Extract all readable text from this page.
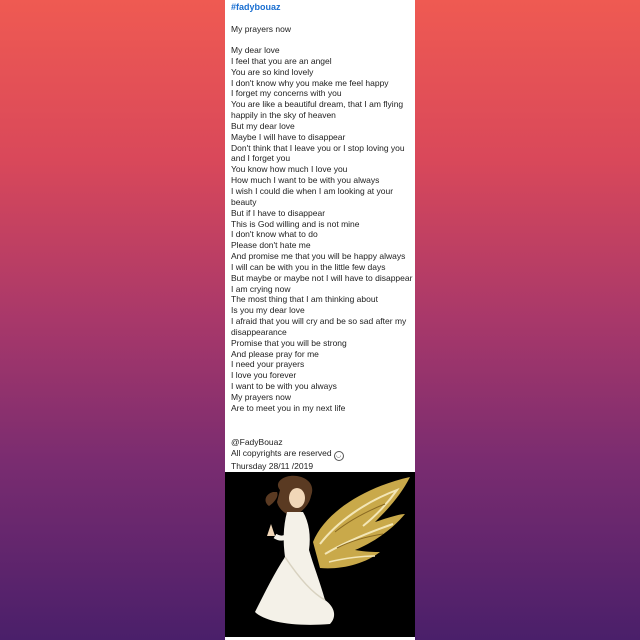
#fadybouaz
My prayers now
My dear love
I feel that you are an angel
You are so kind lovely
I don't know why you make me feel happy
I forget my concerns with you
You are like a beautiful dream, that I am flying happily in the sky of heaven
But my dear love
Maybe I will have to disappear
Don't think that I leave you or I stop loving you and I forget you
You know how much I love you
How much I want to be with you always
I wish I could die when I am looking at your beauty
But if I have to disappear
This is God willing and is not mine
I don't know what to do
Please don't hate me
And promise me that you will be happy always
I will can be with you in the little few days
But maybe or maybe not I will have to disappear
I am crying now
The most thing that I am thinking about
Is you my dear love
I afraid that you will cry and be so sad after my disappearance
Promise that you will be strong
And please pray for me
I need your prayers
I love you forever
I want to be with you always
My prayers now
Are to meet you in my next life
@FadyBouaz
All copyrights are reserved ◡
Thursday 28/11 /2019
